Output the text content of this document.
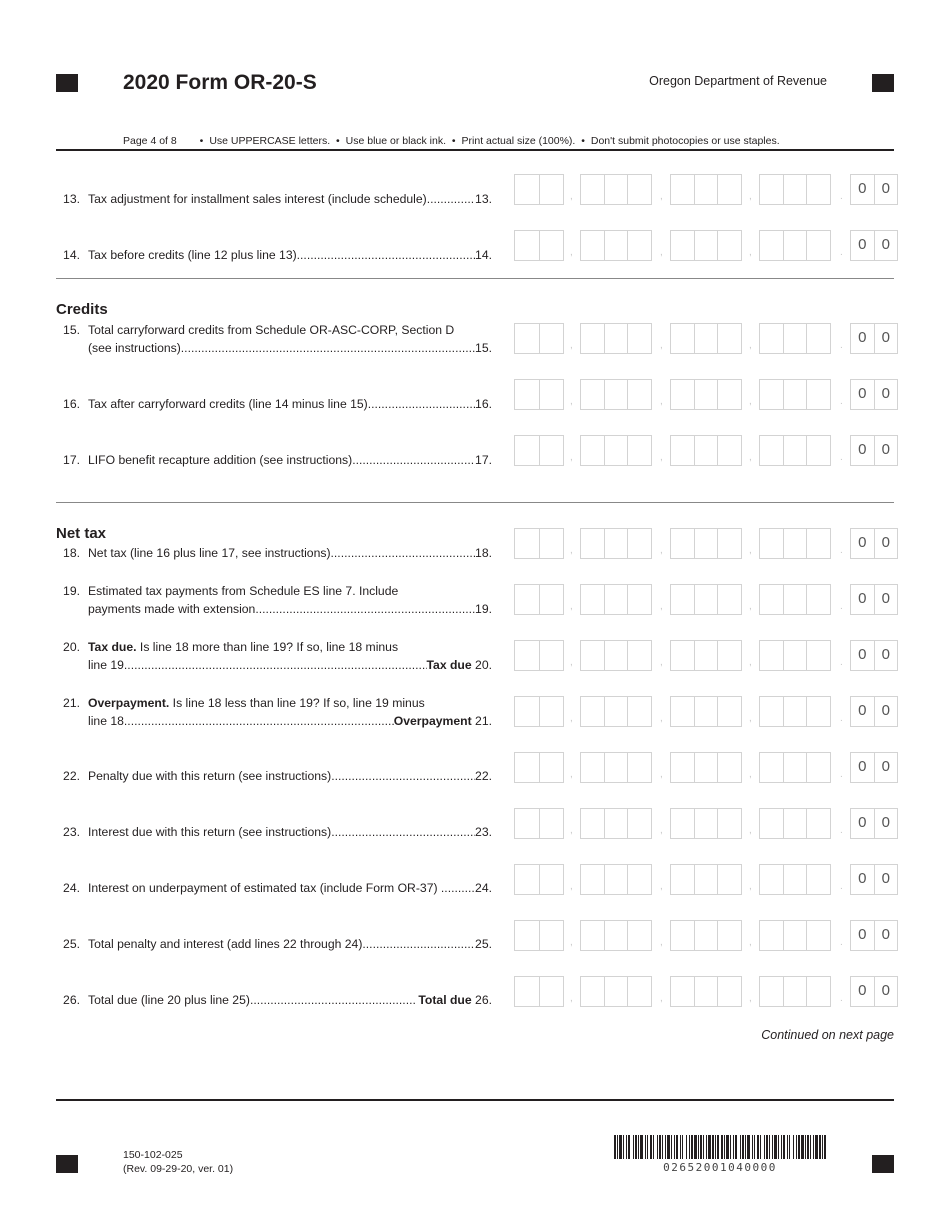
2020 Form OR-20-S	Oregon Department of Revenue
Page 4 of 8 • Use UPPERCASE letters.  • Use blue or black ink.  • Print actual size (100%).  • Don't submit photocopies or use staples.
13. Tax adjustment for installment sales interest (include schedule) .....	13.	,	,	,	.	0	0
14. Tax before credits (line 12 plus line 13) .....	14.	,	,	,	.	0	0
Credits
15. Total carryforward credits from Schedule OR-ASC-CORP, Section D
(see instructions) .....	15.	,	,	,	.	0	0
16. Tax after carryforward credits (line 14 minus line 15) .....	16.	,	,	,	.	0	0
17. LIFO benefit recapture addition (see instructions) .....	17.	,	,	,	.	0	0
Net tax
18. Net tax (line 16 plus line 17, see instructions) .....	18.	,	,	,	.	0	0
19. Estimated tax payments from Schedule ES line 7. Include
payments made with extension .....	19.	,	,	,	.	0	0
20. Tax due. Is line 18 more than line 19? If so, line 18 minus
line 19 .....	Tax due 20.	,	,	,	.	0	0
21. Overpayment. Is line 18 less than line 19? If so, line 19 minus
line 18 .....	Overpayment 21.	,	,	,	.	0	0
22. Penalty due with this return (see instructions) .....	22.	,	,	,	.	0	0
23. Interest due with this return (see instructions) .....	23.	,	,	,	.	0	0
24. Interest on underpayment of estimated tax (include Form OR-37) .....	24.	,	,	,	.	0	0
25. Total penalty and interest (add lines 22 through 24) .....	25.	,	,	,	.	0	0
26. Total due (line 20 plus line 25) .....	Total due 26.	,	,	,	.	0	0
Continued on next page
150-102-025
(Rev. 09-29-20, ver. 01)	02652001040000
